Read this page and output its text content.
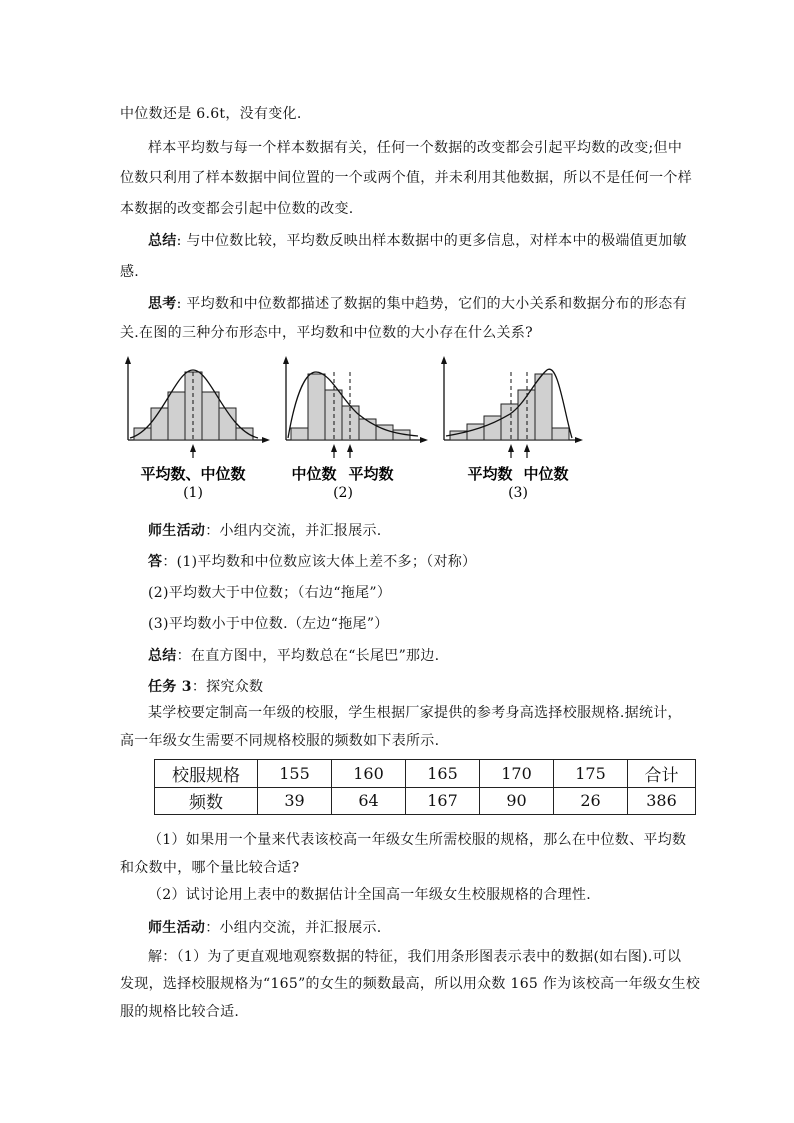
中位数还是 6.6t，没有变化.
样本平均数与每一个样本数据有关，任何一个数据的改变都会引起平均数的改变;但中
位数只利用了样本数据中间位置的一个或两个值，并未利用其他数据，所以不是任何一个样
本数据的改变都会引起中位数的改变.
总结: 与中位数比较，平均数反映出样本数据中的更多信息，对样本中的极端值更加敏
感.
思考: 平均数和中位数都描述了数据的集中趋势，它们的大小关系和数据分布的形态有
关.在图的三种分布形态中，平均数和中位数的大小存在什么关系?
平均数、中位数
(1)
中位数 平均数
(2)
平均数 中位数
(3)
师生活动：小组内交流，并汇报展示.
答：(1)平均数和中位数应该大体上差不多；（对称）
(2)平均数大于中位数；（右边“拖尾”）
(3)平均数小于中位数.（左边“拖尾”）
总结：在直方图中，平均数总在“长尾巴”那边.
任务 3：探究众数
某学校要定制高一年级的校服，学生根据厂家提供的参考身高选择校服规格.据统计，
高一年级女生需要不同规格校服的频数如下表所示.
校服规格	155	160	165	170	175	合计
频数	39	64	167	90	26	386
（1）如果用一个量来代表该校高一年级女生所需校服的规格，那么在中位数、平均数
和众数中，哪个量比较合适?
（2）试讨论用上表中的数据估计全国高一年级女生校服规格的合理性.
师生活动：小组内交流，并汇报展示.
解：（1）为了更直观地观察数据的特征，我们用条形图表示表中的数据(如右图).可以
发现，选择校服规格为“165”的女生的频数最高，所以用众数 165 作为该校高一年级女生校
服的规格比较合适.
